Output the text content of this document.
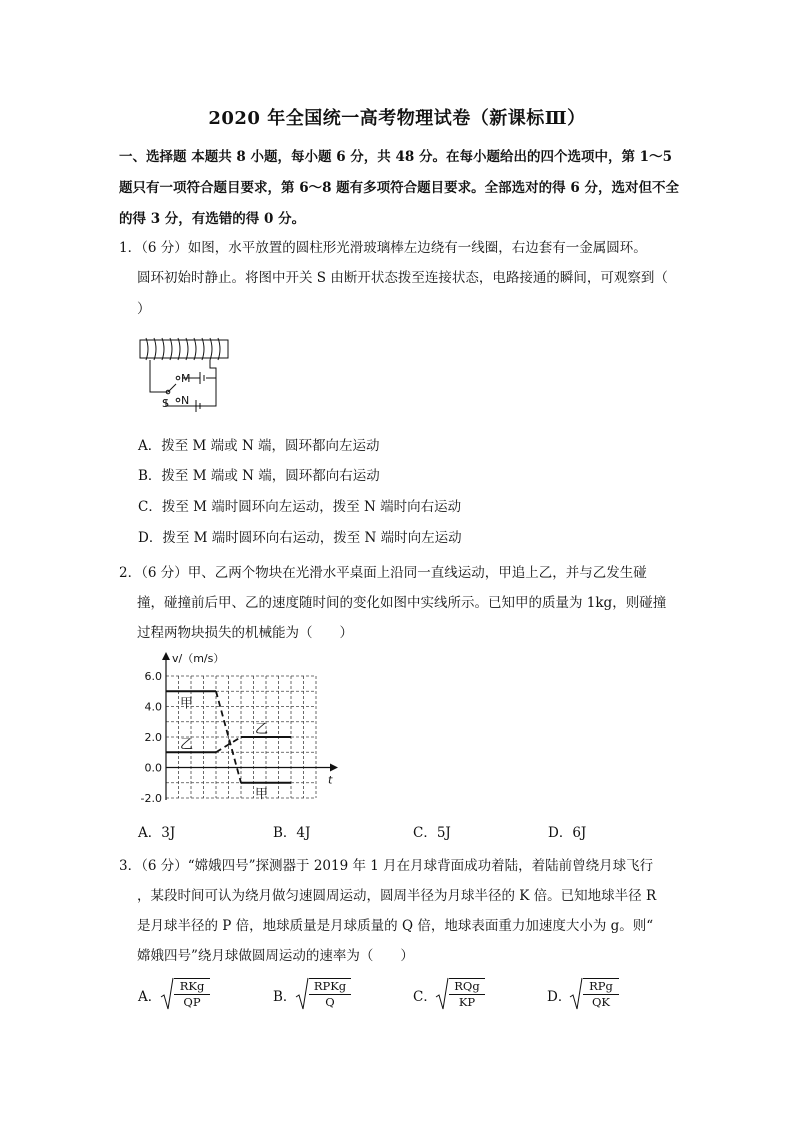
2020 年全国统一高考物理试卷（新课标Ⅲ）
一、选择题 本题共 8 小题，每小题 6 分，共 48 分。在每小题给出的四个选项中，第 1～5 题只有一项符合题目要求，第 6～8 题有多项符合题目要求。全部选对的得 6 分，选对但不全的得 3 分，有选错的得 0 分。
1．（6 分）如图，水平放置的圆柱形光滑玻璃棒左边绕有一线圈，右边套有一金属圆环。
圆环初始时静止。将图中开关 S 由断开状态拨至连接状态，电路接通的瞬间，可观察到（
）
M
N
S
A．拨至 M 端或 N 端，圆环都向左运动
B．拨至 M 端或 N 端，圆环都向右运动
C．拨至 M 端时圆环向左运动，拨至 N 端时向右运动
D．拨至 M 端时圆环向右运动，拨至 N 端时向左运动
2．（6 分）甲、乙两个物块在光滑水平桌面上沿同一直线运动，甲追上乙，并与乙发生碰
撞，碰撞前后甲、乙的速度随时间的变化如图中实线所示。已知甲的质量为 1kg，则碰撞
过程两物块损失的机械能为（　　）
6.0
4.0
2.0
0.0
-2.0
v/（m/s）
t
甲
甲
乙
乙
A．3J	B．4J	C．5J	D．6J
3．（6 分）“嫦娥四号”探测器于 2019 年 1 月在月球背面成功着陆，着陆前曾绕月球飞行
，某段时间可认为绕月做匀速圆周运动，圆周半径为月球半径的 K 倍。已知地球半径 R
是月球半径的 P 倍，地球质量是月球质量的 Q 倍，地球表面重力加速度大小为 g。则“
嫦娥四号”绕月球做圆周运动的速率为（　　）
A．
RKg
QP	B．
RPKg
Q	C．
RQg
KP	D．
RPg
QK
